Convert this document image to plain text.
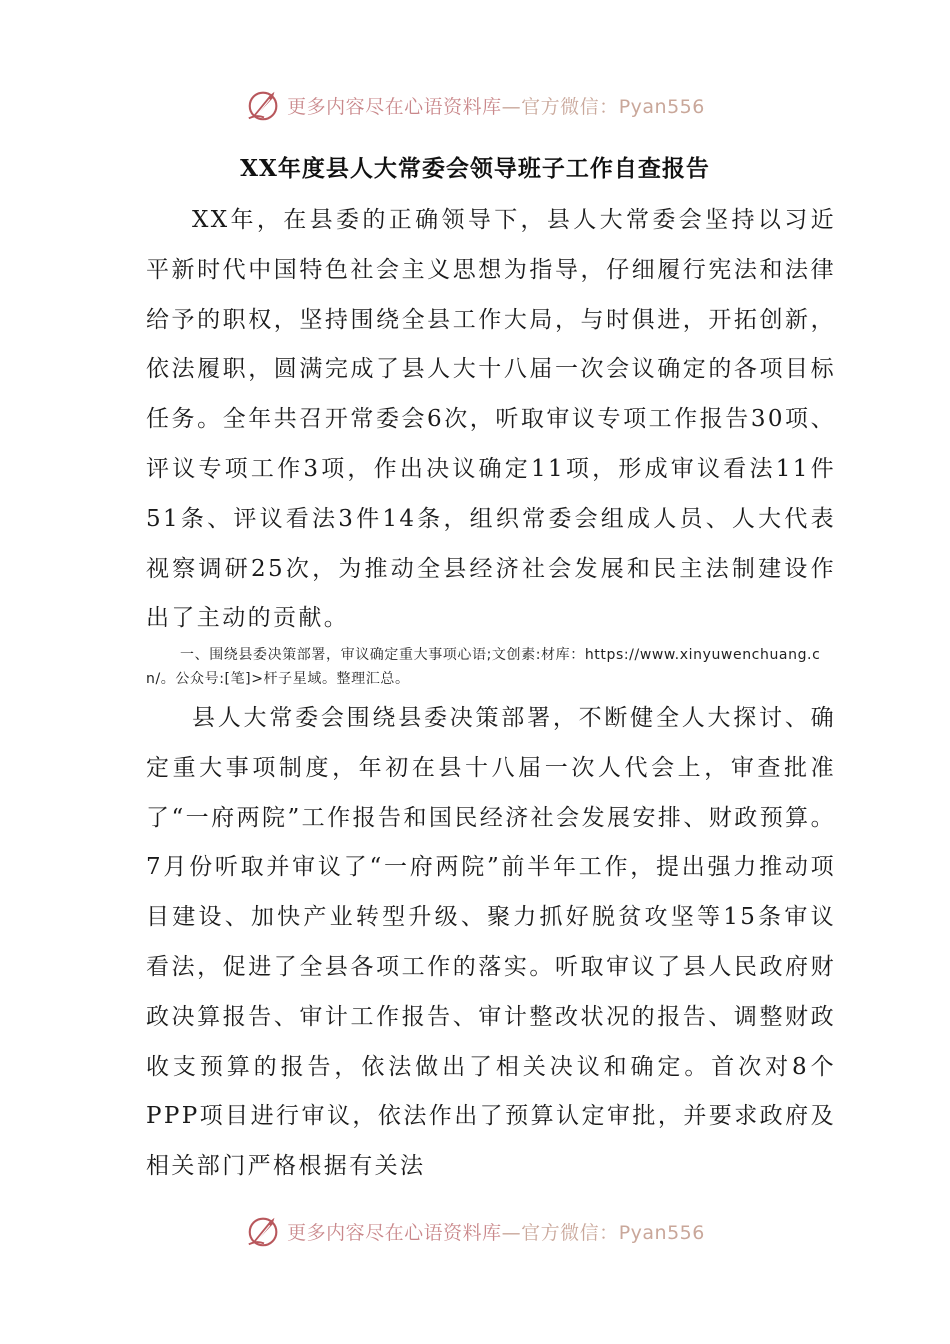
更多内容尽在心语资料库—官方微信：Pyan556
XX年度县人大常委会领导班子工作自查报告

XX年，在县委的正确领导下，县人大常委会坚持以习近平新时代中国特色社会主义思想为指导，仔细履行宪法和法律给予的职权，坚持围绕全县工作大局，与时俱进，开拓创新，依法履职，圆满完成了县人大十八届一次会议确定的各项目标任务。全年共召开常委会6次，听取审议专项工作报告30项、评议专项工作3项，作出决议确定11项，形成审议看法11件51条、评议看法3件14条，组织常委会组成人员、人大代表视察调研25次，为推动全县经济社会发展和民主法制建设作出了主动的贡献。

一、围绕县委决策部署，审议确定重大事项心语;文创素:材库：https://www.xinyuwenchuang.cn/。公众号:[笔]>杆子星域。整理汇总。

县人大常委会围绕县委决策部署，不断健全人大探讨、确定重大事项制度，年初在县十八届一次人代会上，审查批准了“一府两院”工作报告和国民经济社会发展安排、财政预算。7月份听取并审议了“一府两院”前半年工作，提出强力推动项目建设、加快产业转型升级、聚力抓好脱贫攻坚等15条审议看法，促进了全县各项工作的落实。听取审议了县人民政府财政决算报告、审计工作报告、审计整改状况的报告、调整财政收支预算的报告，依法做出了相关决议和确定。首次对8个PPP项目进行审议，依法作出了预算认定审批，并要求政府及相关部门严格根据有关法

更多内容尽在心语资料库—官方微信：Pyan556
